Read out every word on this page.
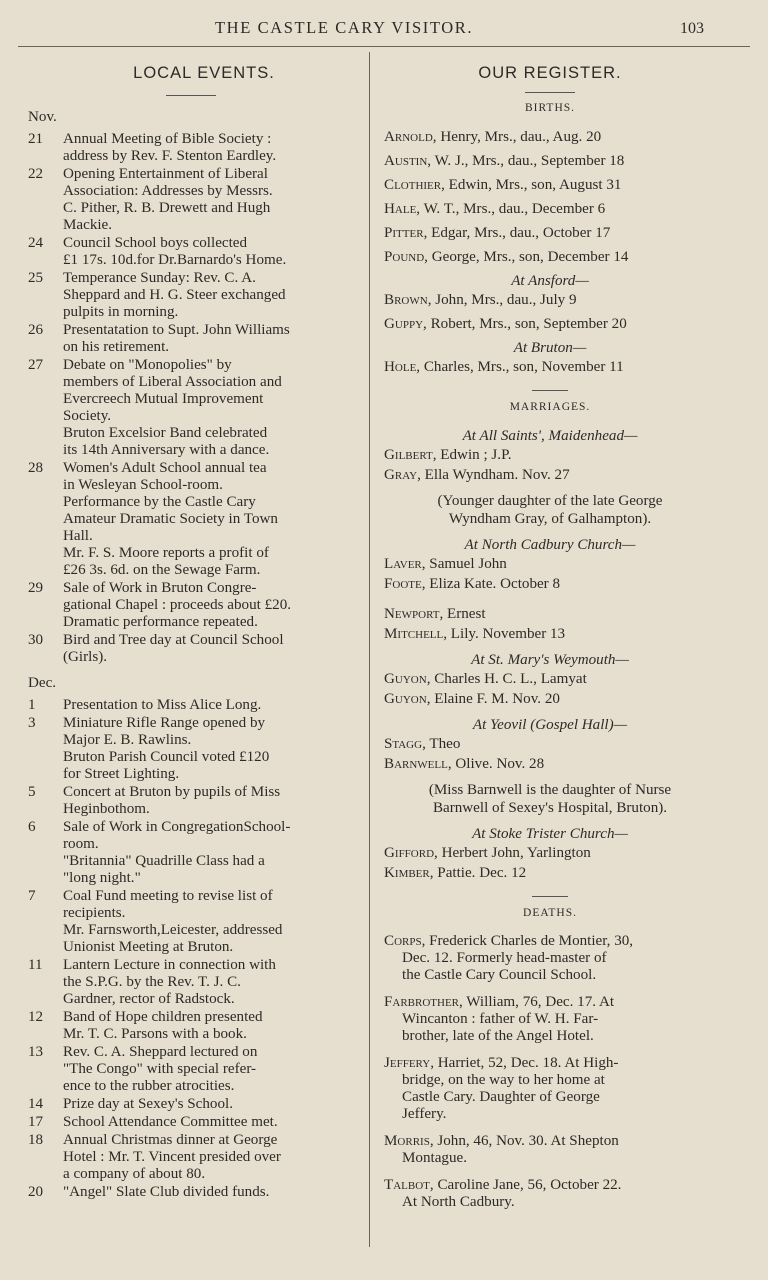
THE CASTLE CARY VISITOR.	103
LOCAL EVENTS.
Nov.
21	Annual Meeting of Bible Society :
address by Rev. F. Stenton Eardley.
22	Opening Entertainment of Liberal
Association: Addresses by Messrs.
C. Pither, R. B. Drewett and Hugh
Mackie.
24	Council School boys collected
£1 17s. 10d.for Dr.Barnardo's Home.
25	Temperance Sunday: Rev. C. A.
Sheppard and H. G. Steer exchanged
pulpits in morning.
26	Presentatation to Supt. John Williams
on his retirement.
27	Debate on "Monopolies" by
members of Liberal Association and
Evercreech Mutual Improvement
Society.
Bruton Excelsior Band celebrated
its 14th Anniversary with a dance.
28	Women's Adult School annual tea
in Wesleyan School-room.
Performance by the Castle Cary
Amateur Dramatic Society in Town
Hall.
Mr. F. S. Moore reports a profit of
£26 3s. 6d. on the Sewage Farm.
29	Sale of Work in Bruton Congre-
gational Chapel : proceeds about £20.
Dramatic performance repeated.
30	Bird and Tree day at Council School
(Girls).
Dec.
1	Presentation to Miss Alice Long.
3	Miniature Rifle Range opened by
Major E. B. Rawlins.
Bruton Parish Council voted £120
for Street Lighting.
5	Concert at Bruton by pupils of Miss
Heginbothom.
6	Sale of Work in CongregationSchool-
room.
"Britannia" Quadrille Class had a
"long night."
7	Coal Fund meeting to revise list of
recipients.
Mr. Farnsworth,Leicester, addressed
Unionist Meeting at Bruton.
11	Lantern Lecture in connection with
the S.P.G. by the Rev. T. J. C.
Gardner, rector of Radstock.
12	Band of Hope children presented
Mr. T. C. Parsons with a book.
13	Rev. C. A. Sheppard lectured on
"The Congo" with special refer-
ence to the rubber atrocities.
14	Prize day at Sexey's School.
17	School Attendance Committee met.
18	Annual Christmas dinner at George
Hotel : Mr. T. Vincent presided over
a company of about 80.
20	"Angel" Slate Club divided funds.
OUR REGISTER.
BIRTHS.
Arnold, Henry, Mrs., dau., Aug. 20
Austin, W. J., Mrs., dau., September 18
Clothier, Edwin, Mrs., son, August 31
Hale, W. T., Mrs., dau., December 6
Pitter, Edgar, Mrs., dau., October 17
Pound, George, Mrs., son, December 14
At Ansford—
Brown, John, Mrs., dau., July 9
Guppy, Robert, Mrs., son, September 20
At Bruton—
Hole, Charles, Mrs., son, November 11
MARRIAGES.
At All Saints', Maidenhead—
Gilbert, Edwin ; J.P.
Gray, Ella Wyndham. Nov. 27
(Younger daughter of the late George
Wyndham Gray, of Galhampton).
At North Cadbury Church—
Laver, Samuel John
Foote, Eliza Kate. October 8
Newport, Ernest
Mitchell, Lily. November 13
At St. Mary's Weymouth—
Guyon, Charles H. C. L., Lamyat
Guyon, Elaine F. M. Nov. 20
At Yeovil (Gospel Hall)—
Stagg, Theo
Barnwell, Olive. Nov. 28
(Miss Barnwell is the daughter of Nurse
Barnwell of Sexey's Hospital, Bruton).
At Stoke Trister Church—
Gifford, Herbert John, Yarlington
Kimber, Pattie. Dec. 12
DEATHS.
Corps, Frederick Charles de Montier, 30,
Dec. 12. Formerly head-master of
the Castle Cary Council School.
Farbrother, William, 76, Dec. 17. At
Wincanton : father of W. H. Far-
brother, late of the Angel Hotel.
Jeffery, Harriet, 52, Dec. 18. At High-
bridge, on the way to her home at
Castle Cary. Daughter of George
Jeffery.
Morris, John, 46, Nov. 30. At Shepton
Montague.
Talbot, Caroline Jane, 56, October 22.
At North Cadbury.
